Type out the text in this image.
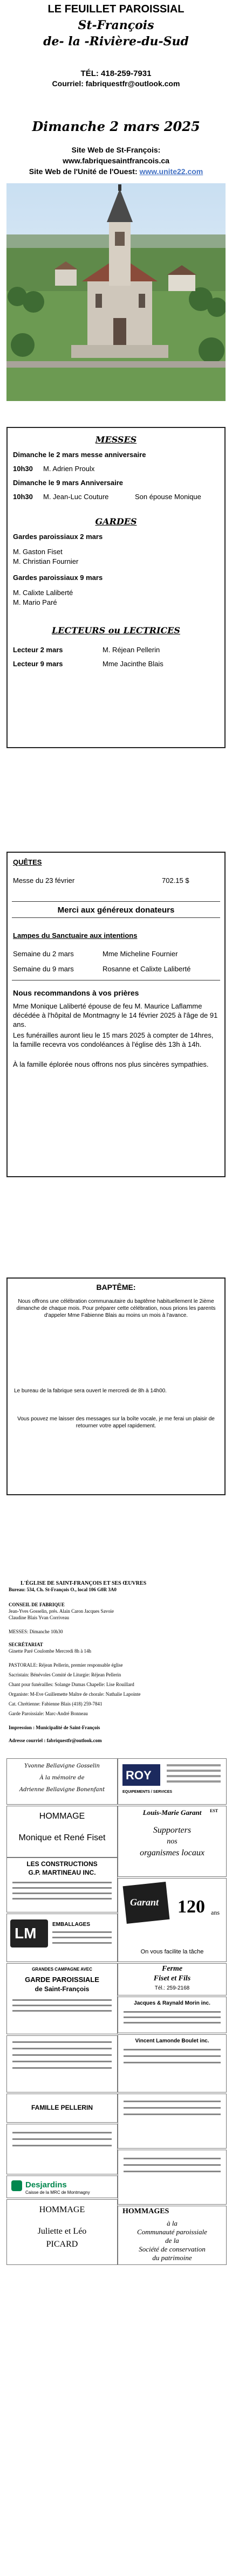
LE FEUILLET PAROISSIAL
St-François
de- la -Rivière-du-Sud
TÉL: 418-259-7931
Courriel: fabriquestfr@outlook.com
Dimanche 2 mars 2025
Site Web de St-François:
www.fabriquesaintfrancois.ca
Site Web de l'Unité de l'Ouest: www.unite22.com
MESSES
Dimanche le 2 mars messe anniversaire
10h30 M. Adrien Proulx
Dimanche le 9 mars Anniversaire
10h30 M. Jean-Luc Couture	Son épouse Monique
GARDES
Gardes paroissiaux 2 mars
M. Gaston Fiset
M. Christian Fournier
Gardes paroissiaux 9 mars
M. Calixte Laliberté
M. Mario Paré
LECTEURS ou LECTRICES
Lecteur 2 mars	M. Réjean Pellerin
Lecteur 9 mars	Mme Jacinthe Blais
QUÊTES
Messe du 23 février	702.15 $
Merci aux généreux donateurs
Lampes du Sanctuaire aux intentions
Semaine du 2 mars	Mme Micheline Fournier
Semaine du 9 mars	Rosanne et Calixte Laliberté
Nous recommandons à vos prières
Mme Monique Laliberté épouse de feu M. Maurice Laflamme décédée à l'hôpital de Montmagny le 14 février 2025 à l'âge de 91 ans.
Les funérailles auront lieu le 15 mars 2025 à compter de 14hres, la famille recevra vos condoléances à l'église dès 13h à 14h.
À la famille éplorée nous offrons nos plus sincères sympathies.
BAPTÊME:
Nous offrons une célébration communautaire du baptême habituellement le 2ième dimanche de chaque mois. Pour préparer cette célébration, nous prions les parents d'appeler Mme Fabienne Blais au moins un mois à l'avance.
Le bureau de la fabrique sera ouvert le mercredi de 8h à 14h00.
Vous pouvez me laisser des messages sur la boîte vocale, je me ferai un plaisir de retourner votre appel rapidement.
L'ÉGLISE DE SAINT-FRANÇOIS ET SES ŒUVRES
Bureau: 534, Ch. St-François O., local 106 G0R 3A0
CONSEIL DE FABRIQUE
Jean-Yves Gosselin, prés. Alain Caron Jacques Savoie
Claudine Blais Yvan Corriveau
MESSES: Dimanche 10h30
SECRÉTARIAT
Ginette Paré Coulombe Mercredi 8h à 14h
PASTORALE: Réjean Pellerin, premier responsable église
Sacristain: Bénévoles Comité de Liturgie: Réjean Pellerin
Chant pour funérailles: Solange Dumas Chapelle: Lise Rouillard
Organiste: M-Eve Guillemette Maître de chorale: Nathalie Lapointe
Cat. Chrétienne: Fabienne Blais (418) 259-7841
Garde Paroissiale: Marc-André Bonneau
Impression : Municipalité de Saint-François
Adresse courriel : fabriquestfr@outlook.com
Yvonne Bellavigne Gosselin
À la mémoire de
Adrienne Bellavigne Bonenfant
ROY
EQUIPEMENTS / SERVICES
HOMMAGE
Monique et René Fiset
Louis-Marie Garant	EST
Supporters
nos
organismes locaux
LES CONSTRUCTIONS
G.P. MARTINEAU INC.
LM
EMBALLAGES
Garant 120 ans
On vous facilite la tâche
GRANDES CAMPAGNE AVEC
GARDE PAROISSIALE
de Saint-François
Ferme
Fiset et Fils
Tél.: 259-2168
Jacques & Raynald Morin inc.
Vincent Lamonde Boulet inc.
FAMILLE PELLERIN
Desjardins
Caisse de la MRC de Montmagny
HOMMAGE
Juliette et Léo
PICARD
HOMMAGES
à la
Communauté paroissiale
de la
Société de conservation
du patrimoine
